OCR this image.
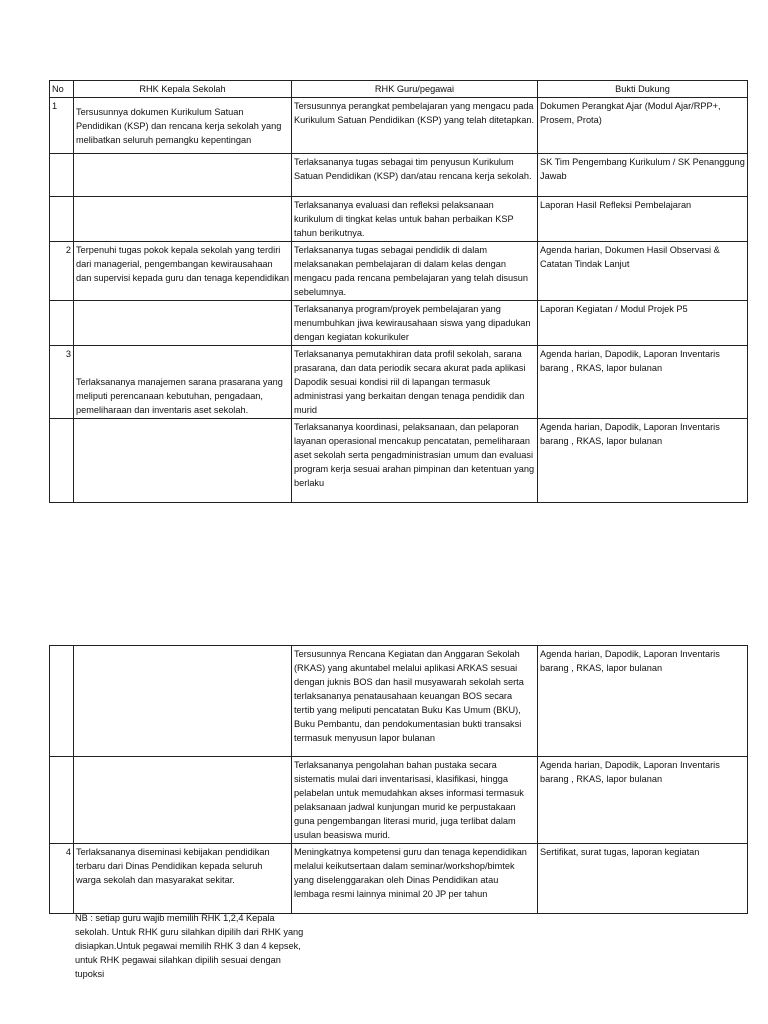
No	RHK Kepala Sekolah	RHK Guru/pegawai	Bukti Dukung
1	Tersusunnya dokumen Kurikulum Satuan Pendidikan (KSP) dan rencana kerja sekolah yang melibatkan seluruh pemangku kepentingan	Tersusunnya perangkat pembelajaran yang mengacu pada Kurikulum Satuan Pendidikan (KSP) yang telah ditetapkan.	Dokumen Perangkat Ajar (Modul Ajar/RPP+, Prosem, Prota)
		Terlaksananya tugas sebagai tim penyusun Kurikulum Satuan Pendidikan (KSP) dan/atau rencana kerja sekolah.	SK Tim Pengembang Kurikulum / SK Penanggung Jawab
		Terlaksananya evaluasi dan refleksi pelaksanaan kurikulum di tingkat kelas untuk bahan perbaikan KSP tahun berikutnya.	Laporan Hasil Refleksi Pembelajaran
2	Terpenuhi tugas pokok kepala sekolah yang terdiri dari managerial, pengembangan kewirausahaan dan supervisi kepada guru dan tenaga kependidikan	Terlaksananya tugas sebagai pendidik di dalam melaksanakan pembelajaran di dalam kelas dengan mengacu pada rencana pembelajaran yang telah disusun sebelumnya.	Agenda harian, Dokumen Hasil Observasi & Catatan Tindak Lanjut
		Terlaksananya program/proyek pembelajaran yang menumbuhkan jiwa kewirausahaan siswa yang dipadukan dengan kegiatan kokurikuler	Laporan Kegiatan / Modul Projek P5
3	Terlaksananya manajemen sarana prasarana yang meliputi perencanaan kebutuhan, pengadaan, pemeliharaan dan inventaris aset sekolah.	Terlaksananya pemutakhiran data profil sekolah, sarana prasarana, dan data periodik secara akurat pada aplikasi Dapodik sesuai kondisi riil di lapangan termasuk administrasi yang berkaitan dengan tenaga pendidik dan murid	Agenda harian, Dapodik, Laporan Inventaris barang , RKAS, lapor bulanan
		Terlaksananya koordinasi, pelaksanaan, dan pelaporan layanan operasional mencakup pencatatan, pemeliharaan aset sekolah serta pengadministrasian umum dan evaluasi program kerja sesuai arahan pimpinan dan ketentuan yang berlaku	Agenda harian, Dapodik, Laporan Inventaris barang , RKAS, lapor bulanan
		Tersusunnya Rencana Kegiatan dan Anggaran Sekolah (RKAS) yang akuntabel melalui aplikasi ARKAS sesuai dengan juknis BOS dan hasil musyawarah sekolah serta terlaksananya penatausahaan keuangan BOS secara tertib yang meliputi pencatatan Buku Kas Umum (BKU), Buku Pembantu, dan pendokumentasian bukti transaksi termasuk menyusun lapor bulanan	Agenda harian, Dapodik, Laporan Inventaris barang , RKAS, lapor bulanan
		Terlaksananya pengolahan bahan pustaka secara sistematis mulai dari inventarisasi, klasifikasi, hingga pelabelan untuk memudahkan akses informasi termasuk pelaksanaan jadwal kunjungan murid ke perpustakaan guna pengembangan literasi murid, juga terlibat dalam usulan beasiswa murid.	Agenda harian, Dapodik, Laporan Inventaris barang , RKAS, lapor bulanan
4	Terlaksananya diseminasi kebijakan pendidikan terbaru dari Dinas Pendidikan kepada seluruh warga sekolah dan masyarakat sekitar.	Meningkatnya kompetensi guru dan tenaga kependidikan melalui keikutsertaan dalam seminar/workshop/bimtek yang diselenggarakan oleh Dinas Pendidikan atau lembaga resmi lainnya minimal 20 JP per tahun	Sertifikat, surat tugas, laporan kegiatan
NB : setiap guru wajib memilih RHK 1,2,4 Kepala sekolah. Untuk RHK guru silahkan dipilih dari RHK yang disiapkan.Untuk pegawai memilih RHK 3 dan 4 kepsek, untuk RHK pegawai silahkan dipilih sesuai dengan tupoksi
